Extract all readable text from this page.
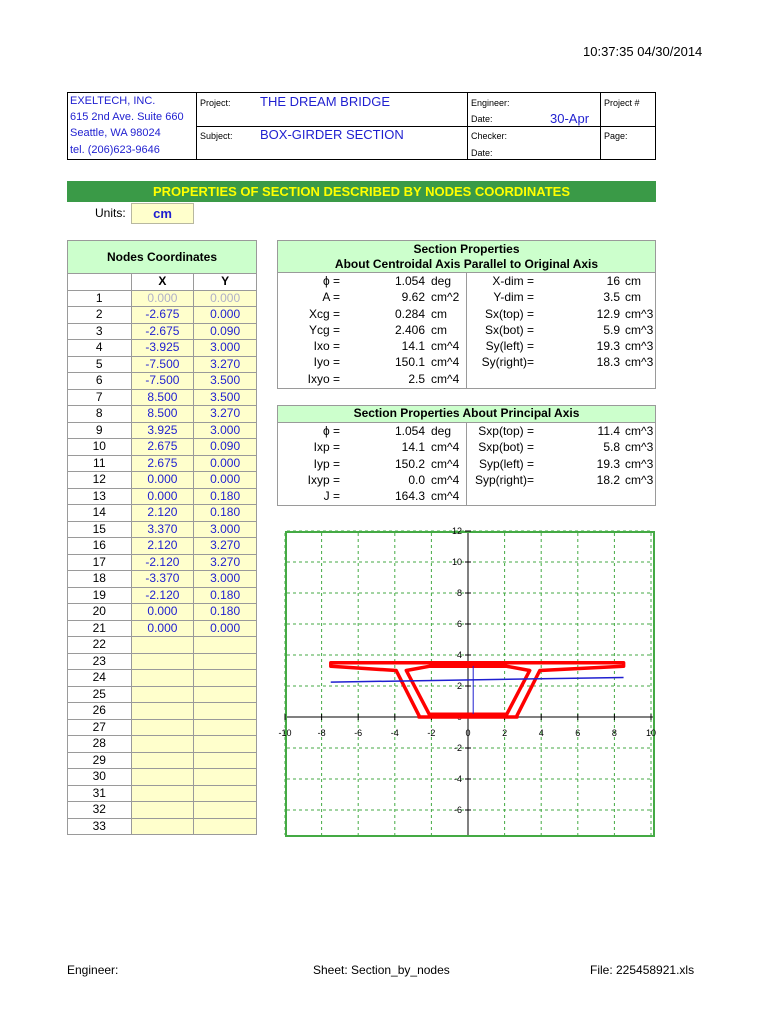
10:37:35 04/30/2014
EXELTECH, INC.
615 2nd Ave. Suite 660
Seattle, WA 98024
tel. (206)623-9646
Project: THE DREAM BRIDGE
Subject: BOX-GIRDER SECTION
Engineer:
Date:	30-Apr
Checker:
Date:
Project #
Page:
PROPERTIES OF SECTION DESCRIBED BY NODES COORDINATES
Units:	cm
Nodes Coordinates		
	X	Y
1	0.000	0.000
2	-2.675	0.000
3	-2.675	0.090
4	-3.925	3.000
5	-7.500	3.270
6	-7.500	3.500
7	8.500	3.500
8	8.500	3.270
9	3.925	3.000
10	2.675	0.090
11	2.675	0.000
12	0.000	0.000
13	0.000	0.180
14	2.120	0.180
15	3.370	3.000
16	2.120	3.270
17	-2.120	3.270
18	-3.370	3.000
19	-2.120	0.180
20	0.000	0.180
21	0.000	0.000
22		
23		
24		
25		
26		
27		
28		
29		
30		
31		
32		
33		
Section Properties
About Centroidal Axis Parallel to Original Axis
ϕ =	1.054 deg	X-dim =	16 cm
A =	9.62 cm^2	Y-dim =	3.5 cm
Xcg =	0.284 cm	Sx(top) =	12.9 cm^3
Ycg =	2.406 cm	Sx(bot) =	5.9 cm^3
Ixo =	14.1 cm^4 Sy(left) =	19.3 cm^3
Iyo =	150.1 cm^4 Sy(right)=	18.3 cm^3
Ixyo =	2.5 cm^4
Section Properties About Principal Axis
ϕ =	1.054 deg Sxp(top) =	11.4 cm^3
Ixp =	14.1 cm^4 Sxp(bot) =	5.8 cm^3
Iyp =	150.2 cm^4 Syp(left) =	19.3 cm^3
Ixyp =	0.0 cm^4 Syp(right)=	18.2 cm^3
J =	164.3 cm^4
-10	-8	-6	-4	-2	0	2	4	6	8	10
12
10
8
6
4
2
0
-2
-4
-6
Engineer:	Sheet: Section_by_nodes	File: 225458921.xls
